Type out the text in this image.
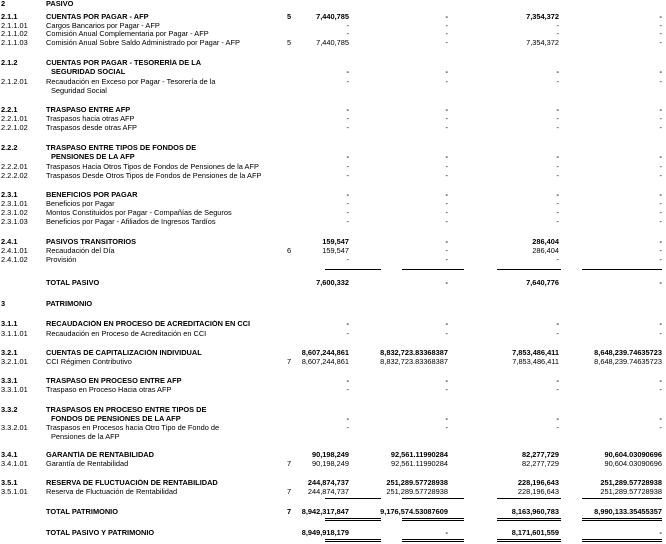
2	PASIVO
2.1.1	CUENTAS POR PAGAR - AFP	5	7,440,785	-	7,354,372	-
2.1.1.01	Cargos Bancarios por Pagar - AFP	-	-	-	-
2.1.1.02	Comisión Anual Complementaria por Pagar - AFP	-	-	-	-
2.1.1.03	Comisión Anual Sobre Saldo Administrado por Pagar - AFP	5	7,440,785	-	7,354,372	-
2.1.2	CUENTAS POR PAGAR - TESORERÍA DE LA
SEGURIDAD SOCIAL	-	-	-	-
2.1.2.01	Recaudación en Exceso por Pagar - Tesorería de la	-	-	-	-
Seguridad Social
2.2.1	TRASPASO ENTRE AFP	-	-	-	-
2.2.1.01	Traspasos hacia otras AFP	-	-	-	-
2.2.1.02	Traspasos desde otras AFP	-	-	-	-
2.2.2	TRASPASO ENTRE TIPOS DE FONDOS DE
PENSIONES DE LA AFP	-	-	-	-
2.2.2.01	Traspasos Hacia Otros Tipos de Fondos de Pensiones de la AFP	-	-	-	-
2.2.2.02	Traspasos Desde Otros Tipos de Fondos de Pensiones de la AFP	-	-	-	-
2.3.1	BENEFICIOS POR PAGAR	-	-	-	-
2.3.1.01	Beneficios por Pagar	-	-	-	-
2.3.1.02	Montos Constituidos por Pagar - Compañías de Seguros	-	-	-	-
2.3.1.03	Beneficios por Pagar - Afiliados de Ingresos Tardíos	-	-	-	-
2.4.1	PASIVOS TRANSITORIOS	159,547	-	286,404	-
2.4.1.01	Recaudación del Día	6	159,547	-	286,404	-
2.4.1.02	Provisión	-	-	-	-
TOTAL PASIVO	7,600,332	-	7,640,776	-
3	PATRIMONIO
3.1.1	RECAUDACIÓN EN PROCESO DE ACREDITACIÓN EN CCI	-	-	-	-
3.1.1.01	Recaudación en Proceso de Acreditación en CCI	-	-	-	-
3.2.1	CUENTAS DE CAPITALIZACIÓN INDIVIDUAL	8,607,244,861	8,832,723.83368387	7,853,486,411	8,648,239.74635723
3.2.1.01	CCI Régimen Contributivo	7	8,607,244,861	8,832,723.83368387	7,853,486,411	8,648,239.74635723
3.3.1	TRASPASO EN PROCESO ENTRE AFP	-	-	-	-
3.3.1.01	Traspaso en Proceso Hacia otras AFP	-	-	-	-
3.3.2	TRASPASOS EN PROCESO ENTRE TIPOS DE
FONDOS DE PENSIONES DE LA AFP	-	-	-	-
3.3.2.01	Traspasos en Procesos hacia Otro Tipo de Fondo de	-	-	-	-
Pensiones de la AFP
3.4.1	GARANTÍA DE RENTABILIDAD	90,198,249	92,561.11990284	82,277,729	90,604.03090696
3.4.1.01	Garantía de Rentabilidad	7	90,198,249	92,561.11990284	82,277,729	90,604.03090696
3.5.1	RESERVA DE FLUCTUACIÓN DE RENTABILIDAD	244,874,737	251,289.57728938	228,196,643	251,289.57728938
3.5.1.01	Reserva de Fluctuación de Rentabilidad	7	244,874,737	251,289.57728938	228,196,643	251,289.57728938
TOTAL PATRIMONIO	7	8,942,317,847	9,176,574.53087609	8,163,960,783	8,990,133.35455357
TOTAL PASIVO Y PATRIMONIO	8,949,918,179	-	8,171,601,559	-
